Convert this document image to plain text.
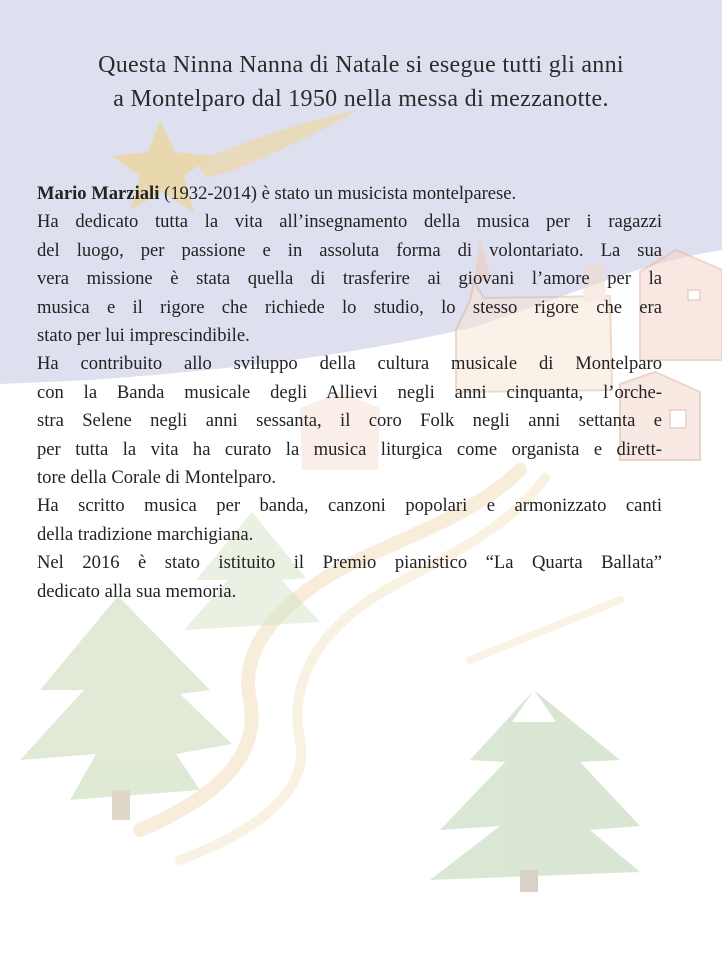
Questa Ninna Nanna di Natale si esegue tutti gli anni
a Montelparo dal 1950 nella messa di mezzanotte.
Mario Marziali (1932-2014) è stato un musicista montelparese.
Ha dedicato tutta la vita all’insegnamento della musica per i ragazzi
del luogo, per passione e in assoluta forma di volontariato. La sua
vera missione è stata quella di trasferire ai giovani l’amore per la
musica e il rigore che richiede lo studio, lo stesso rigore che era
stato per lui imprescindibile.
Ha contribuito allo sviluppo della cultura musicale di Montelparo
con la Banda musicale degli Allievi negli anni cinquanta, l’orche-
stra Selene negli anni sessanta, il coro Folk negli anni settanta e
per tutta la vita ha curato la musica liturgica come organista e dirett-
tore della Corale di Montelparo.
Ha scritto musica per banda, canzoni popolari e armonizzato canti
della tradizione marchigiana.
Nel 2016 è stato istituito il Premio pianistico “La Quarta Ballata”
dedicato alla sua memoria.
